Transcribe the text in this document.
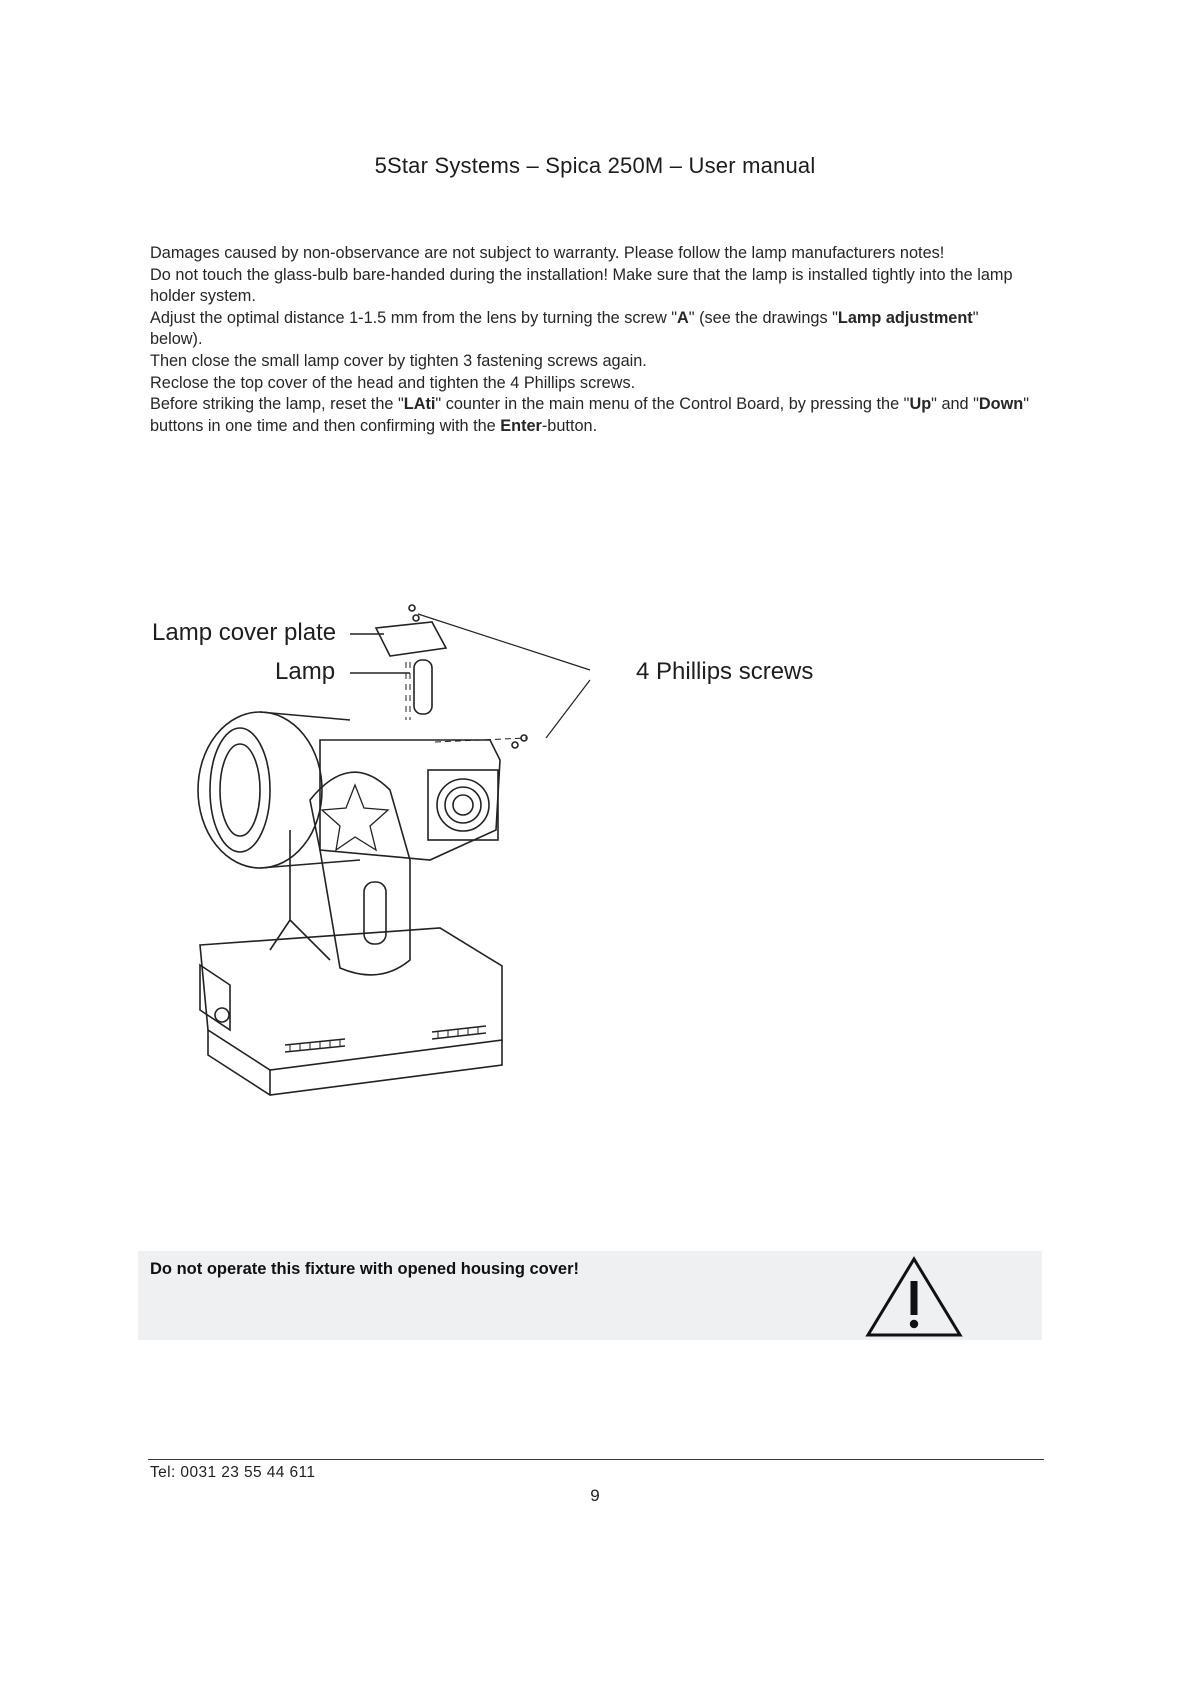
5Star Systems – Spica 250M – User manual

Damages caused by non-observance are not subject to warranty. Please follow the lamp manufacturers notes!

Do not touch the glass-bulb bare-handed during the installation! Make sure that the lamp is installed tightly into the lamp holder system.

Adjust the optimal distance 1-1.5 mm from the lens by turning the screw "A" (see the drawings "Lamp adjustment" below).

Then close the small lamp cover by tighten 3 fastening screws again.

Reclose the top cover of the head and tighten the 4 Phillips screws.

Before striking the lamp, reset the "LAti" counter in the main menu of the Control Board, by pressing the "Up" and "Down" buttons in one time and then confirming with the Enter-button.

Lamp cover plate
Lamp	4 Phillips screws
Do not operate this fixture with opened housing cover!
Tel: 0031 23 55 44 611
9
